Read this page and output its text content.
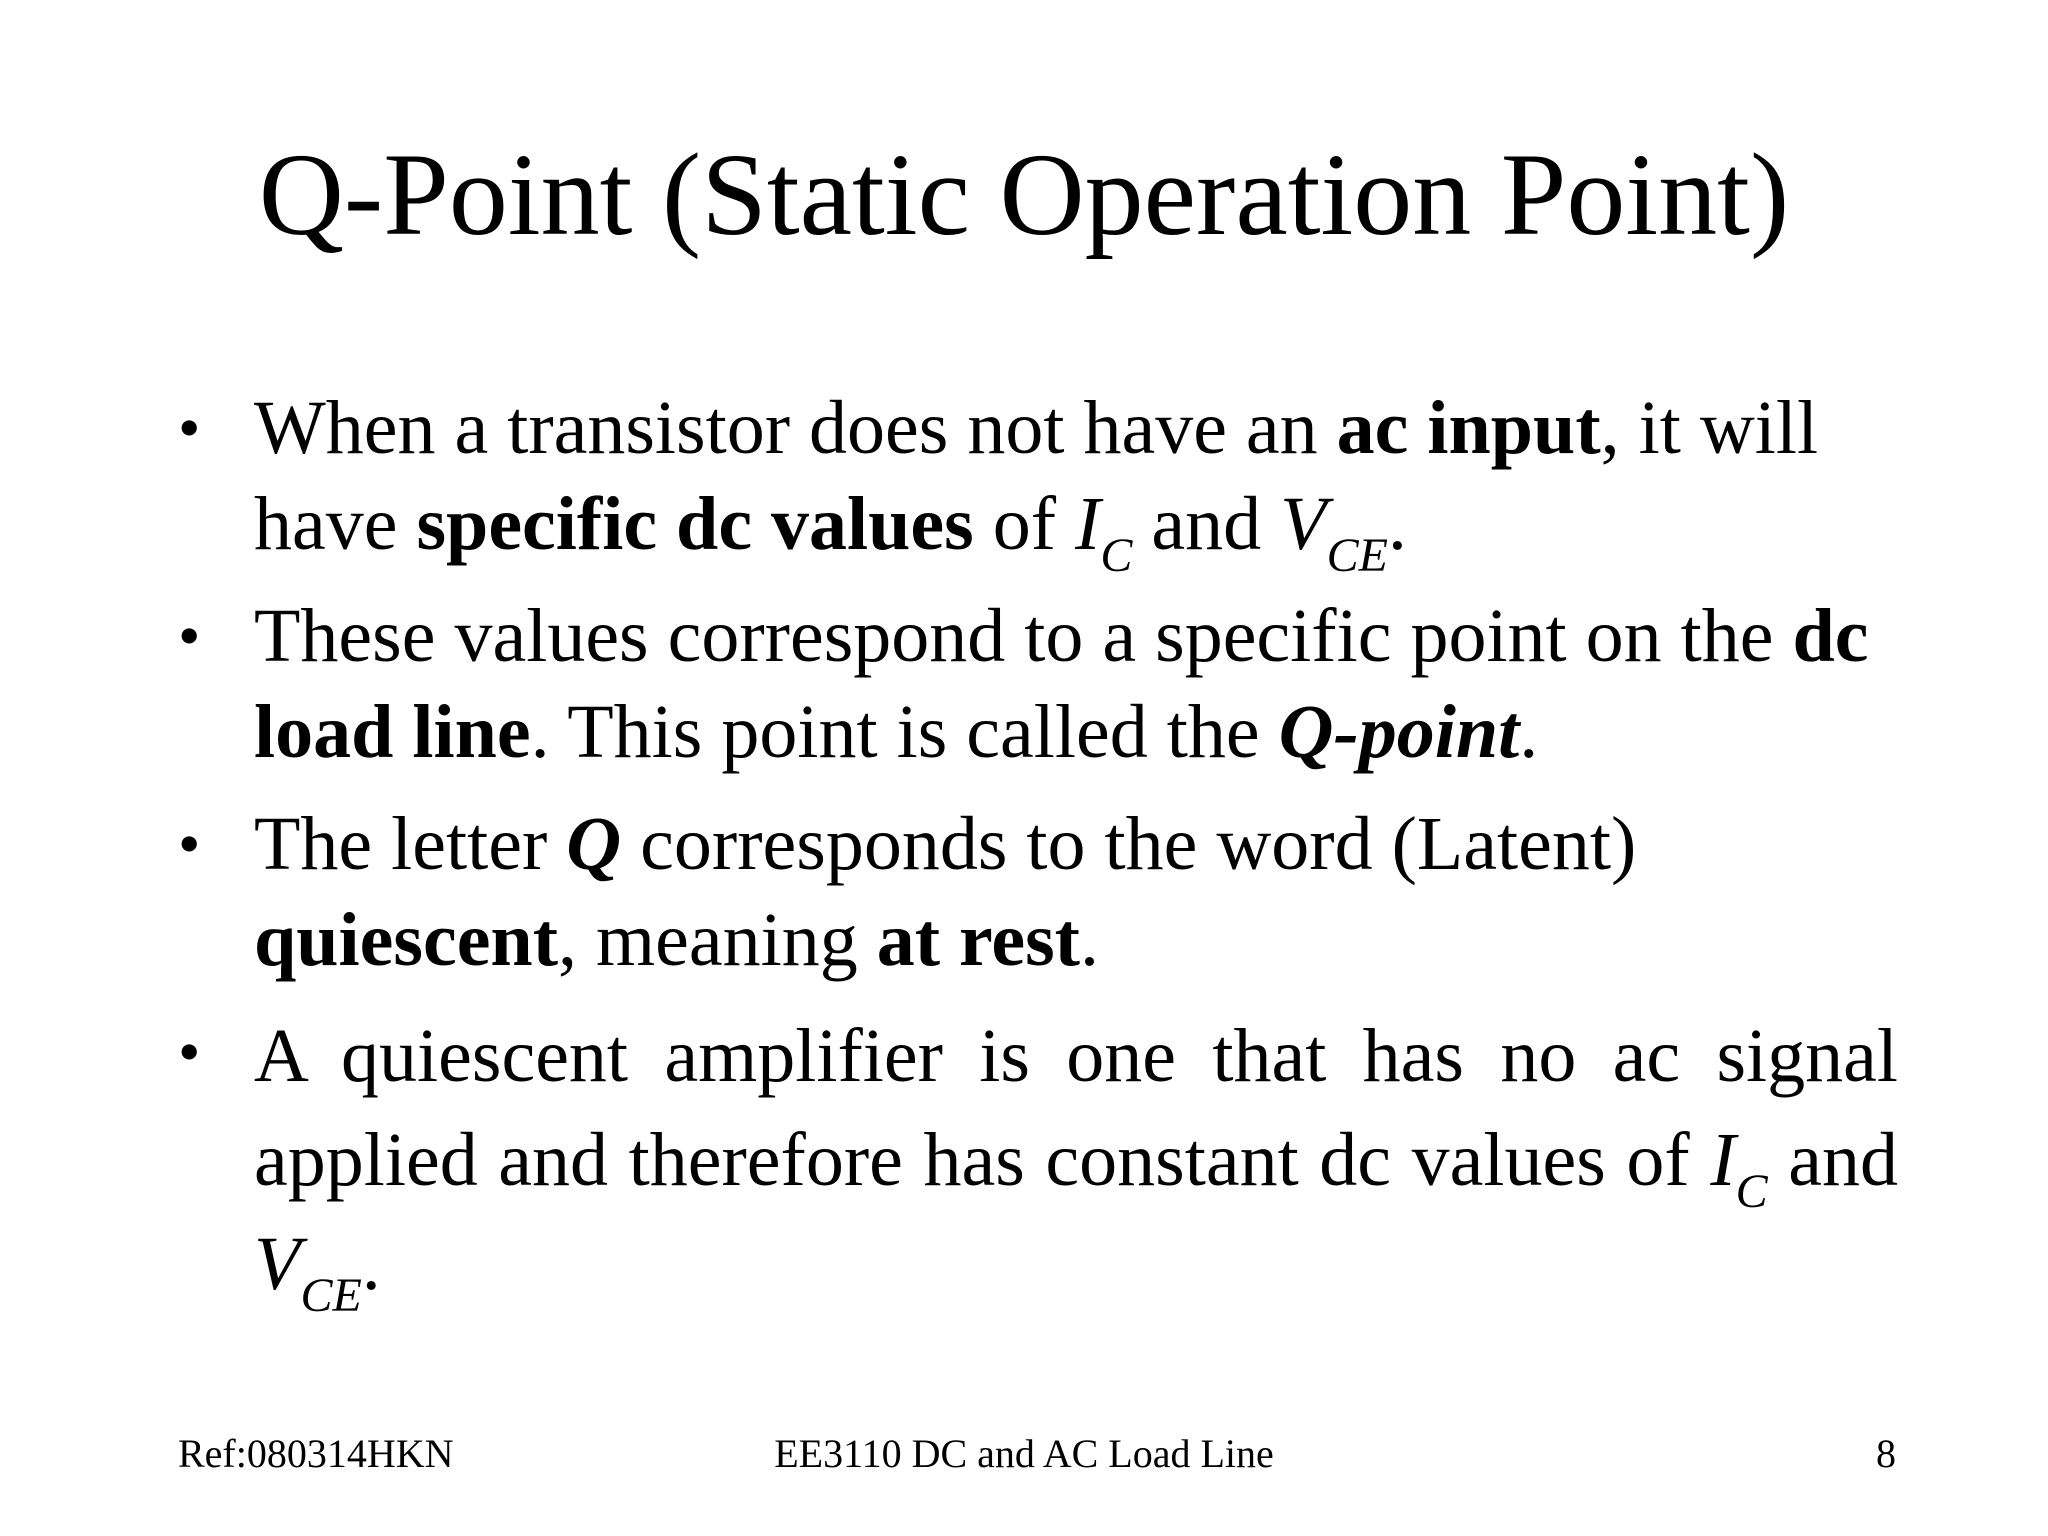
Q-Point (Static Operation Point)
• When a transistor does not have an ac input, it will have specific dc values of $I_C$ and $V_{CE}$.
• These values correspond to a specific point on the dc load line. This point is called the Q-point.
• The letter Q corresponds to the word (Latent) quiescent, meaning at rest.
• A quiescent amplifier is one that has no ac signal applied and therefore has constant dc values of $I_C$ and $V_{CE}$.
Ref:080314HKN	EE3110 DC and AC Load Line	8
